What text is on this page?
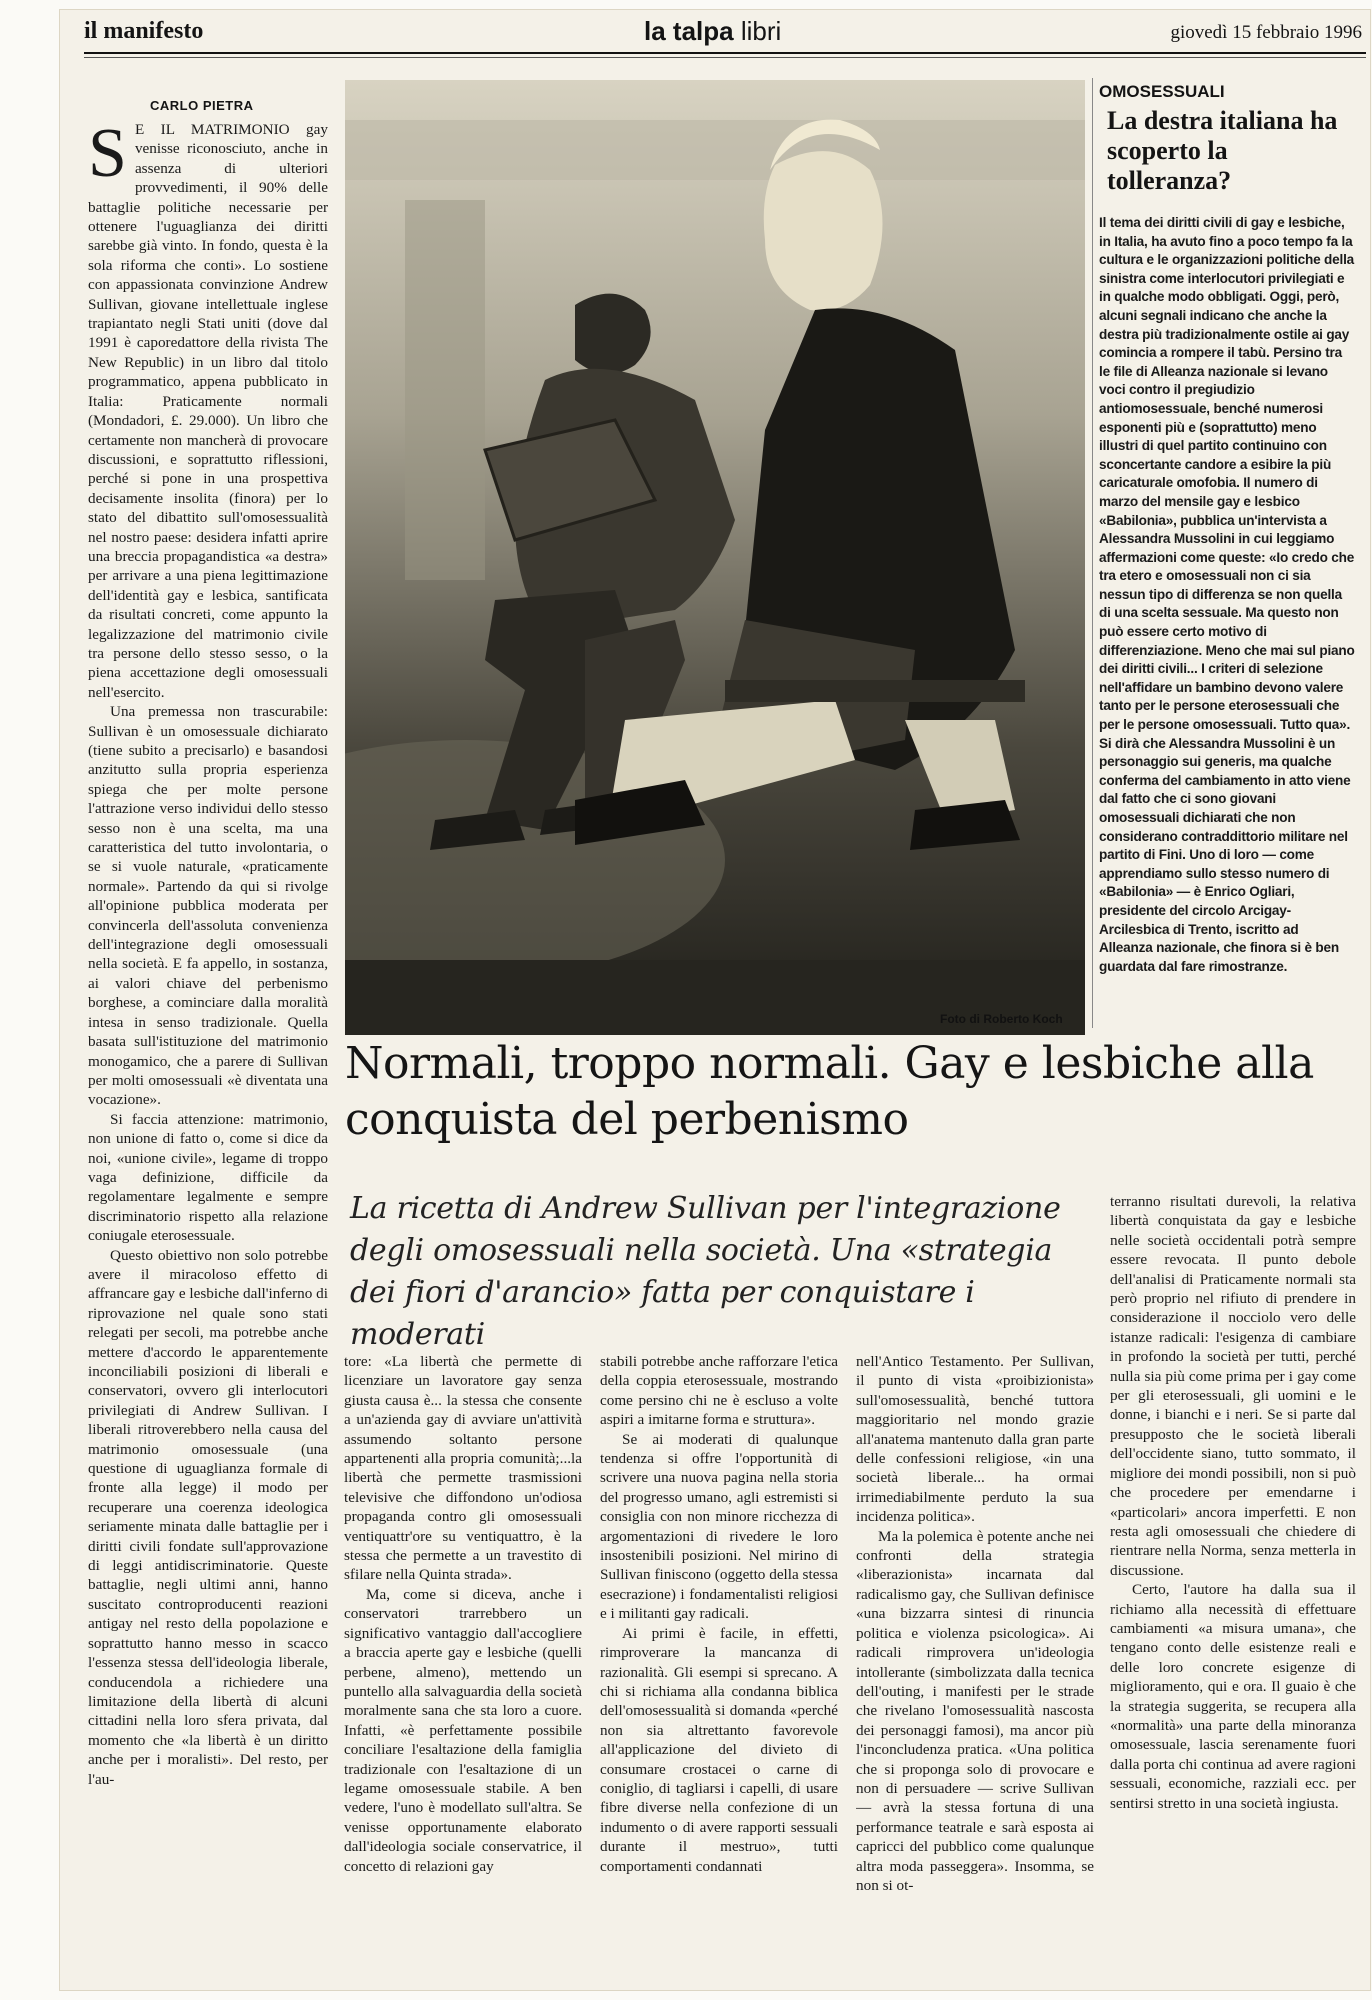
il manifesto	la talpa libri	giovedì 15 febbraio 1996
CARLO PIETRA

S E IL MATRIMONIO gay venisse riconosciuto, anche in assenza di ulteriori provvedimenti, il 90% delle battaglie politiche necessarie per ottenere l'uguaglianza dei diritti sarebbe già vinto. In fondo, questa è la sola riforma che conti». Lo sostiene con appassionata convinzione Andrew Sullivan, giovane intellettuale inglese trapiantato negli Stati uniti (dove dal 1991 è caporedattore della rivista The New Republic) in un libro dal titolo programmatico, appena pubblicato in Italia: Praticamente normali (Mondadori, £. 29.000). Un libro che certamente non mancherà di provocare discussioni, e soprattutto riflessioni, perché si pone in una prospettiva decisamente insolita (finora) per lo stato del dibattito sull'omosessualità nel nostro paese: desidera infatti aprire una breccia propagandistica «a destra» per arrivare a una piena legittimazione dell'identità gay e lesbica, santificata da risultati concreti, come appunto la legalizzazione del matrimonio civile tra persone dello stesso sesso, o la piena accettazione degli omosessuali nell'esercito.

Una premessa non trascurabile: Sullivan è un omosessuale dichiarato (tiene subito a precisarlo) e basandosi anzitutto sulla propria esperienza spiega che per molte persone l'attrazione verso individui dello stesso sesso non è una scelta, ma una caratteristica del tutto involontaria, o se si vuole naturale, «praticamente normale». Partendo da qui si rivolge all'opinione pubblica moderata per convincerla dell'assoluta convenienza dell'integrazione degli omosessuali nella società. E fa appello, in sostanza, ai valori chiave del perbenismo borghese, a cominciare dalla moralità intesa in senso tradizionale. Quella basata sull'istituzione del matrimonio monogamico, che a parere di Sullivan per molti omosessuali «è diventata una vocazione».

Si faccia attenzione: matrimonio, non unione di fatto o, come si dice da noi, «unione civile», legame di troppo vaga definizione, difficile da regolamentare legalmente e sempre discriminatorio rispetto alla relazione coniugale eterosessuale.

Questo obiettivo non solo potrebbe avere il miracoloso effetto di affrancare gay e lesbiche dall'inferno di riprovazione nel quale sono stati relegati per secoli, ma potrebbe anche mettere d'accordo le apparentemente inconciliabili posizioni di liberali e conservatori, ovvero gli interlocutori privilegiati di Andrew Sullivan. I liberali ritroverebbero nella causa del matrimonio omosessuale (una questione di uguaglianza formale di fronte alla legge) il modo per recuperare una coerenza ideologica seriamente minata dalle battaglie per i diritti civili fondate sull'approvazione di leggi antidiscriminatorie. Queste battaglie, negli ultimi anni, hanno suscitato controproducenti reazioni antigay nel resto della popolazione e soprattutto hanno messo in scacco l'essenza stessa dell'ideologia liberale, conducendola a richiedere una limitazione della libertà di alcuni cittadini nella loro sfera privata, dal momento che «la libertà è un diritto anche per i moralisti». Del resto, per l'au-

Foto di Roberto Koch
OMOSESSUALI
La destra italiana ha scoperto la tolleranza?
Il tema dei diritti civili di gay e lesbiche, in Italia, ha avuto fino a poco tempo fa la cultura e le organizzazioni politiche della sinistra come interlocutori privilegiati e in qualche modo obbligati. Oggi, però, alcuni segnali indicano che anche la destra più tradizionalmente ostile ai gay comincia a rompere il tabù. Persino tra le file di Alleanza nazionale si levano voci contro il pregiudizio antiomosessuale, benché numerosi esponenti più e (soprattutto) meno illustri di quel partito continuino con sconcertante candore a esibire la più caricaturale omofobia. Il numero di marzo del mensile gay e lesbico «Babilonia», pubblica un'intervista a Alessandra Mussolini in cui leggiamo affermazioni come queste: «Io credo che tra etero e omosessuali non ci sia nessun tipo di differenza se non quella di una scelta sessuale. Ma questo non può essere certo motivo di differenziazione. Meno che mai sul piano dei diritti civili... I criteri di selezione nell'affidare un bambino devono valere tanto per le persone eterosessuali che per le persone omosessuali. Tutto qua». Si dirà che Alessandra Mussolini è un personaggio sui generis, ma qualche conferma del cambiamento in atto viene dal fatto che ci sono giovani omosessuali dichiarati che non considerano contraddittorio militare nel partito di Fini. Uno di loro — come apprendiamo sullo stesso numero di «Babilonia» — è Enrico Ogliari, presidente del circolo Arcigay-Arcilesbica di Trento, iscritto ad Alleanza nazionale, che finora si è ben guardata dal fare rimostranze.
Normali, troppo normali. Gay e lesbiche alla conquista del perbenismo
La ricetta di Andrew Sullivan per l'integrazione degli omosessuali nella società. Una «strategia dei fiori d'arancio» fatta per conquistare i moderati

tore: «La libertà che permette di licenziare un lavoratore gay senza giusta causa è... la stessa che consente a un'azienda gay di avviare un'attività assumendo soltanto persone appartenenti alla propria comunità;...la libertà che permette trasmissioni televisive che diffondono un'odiosa propaganda contro gli omosessuali ventiquattr'ore su ventiquattro, è la stessa che permette a un travestito di sfilare nella Quinta strada».

Ma, come si diceva, anche i conservatori trarrebbero un significativo vantaggio dall'accogliere a braccia aperte gay e lesbiche (quelli perbene, almeno), mettendo un puntello alla salvaguardia della società moralmente sana che sta loro a cuore. Infatti, «è perfettamente possibile conciliare l'esaltazione della famiglia tradizionale con l'esaltazione di un legame omosessuale stabile. A ben vedere, l'uno è modellato sull'altra. Se venisse opportunamente elaborato dall'ideologia sociale conservatrice, il concetto di relazioni gay

stabili potrebbe anche rafforzare l'etica della coppia eterosessuale, mostrando come persino chi ne è escluso a volte aspiri a imitarne forma e struttura».

Se ai moderati di qualunque tendenza si offre l'opportunità di scrivere una nuova pagina nella storia del progresso umano, agli estremisti si consiglia con non minore ricchezza di argomentazioni di rivedere le loro insostenibili posizioni. Nel mirino di Sullivan finiscono (oggetto della stessa esecrazione) i fondamentalisti religiosi e i militanti gay radicali.

Ai primi è facile, in effetti, rimproverare la mancanza di razionalità. Gli esempi si sprecano. A chi si richiama alla condanna biblica dell'omosessualità si domanda «perché non sia altrettanto favorevole all'applicazione del divieto di consumare crostacei o carne di coniglio, di tagliarsi i capelli, di usare fibre diverse nella confezione di un indumento o di avere rapporti sessuali durante il mestruo», tutti comportamenti condannati

nell'Antico Testamento. Per Sullivan, il punto di vista «proibizionista» sull'omosessualità, benché tuttora maggioritario nel mondo grazie all'anatema mantenuto dalla gran parte delle confessioni religiose, «in una società liberale... ha ormai irrimediabilmente perduto la sua incidenza politica».

Ma la polemica è potente anche nei confronti della strategia «liberazionista» incarnata dal radicalismo gay, che Sullivan definisce «una bizzarra sintesi di rinuncia politica e violenza psicologica». Ai radicali rimprovera un'ideologia intollerante (simbolizzata dalla tecnica dell'outing, i manifesti per le strade che rivelano l'omosessualità nascosta dei personaggi famosi), ma ancor più l'inconcludenza pratica. «Una politica che si proponga solo di provocare e non di persuadere — scrive Sullivan — avrà la stessa fortuna di una performance teatrale e sarà esposta ai capricci del pubblico come qualunque altra moda passeggera». Insomma, se non si ot-

terranno risultati durevoli, la relativa libertà conquistata da gay e lesbiche nelle società occidentali potrà sempre essere revocata. Il punto debole dell'analisi di Praticamente normali sta però proprio nel rifiuto di prendere in considerazione il nocciolo vero delle istanze radicali: l'esigenza di cambiare in profondo la società per tutti, perché nulla sia più come prima per i gay come per gli eterosessuali, gli uomini e le donne, i bianchi e i neri. Se si parte dal presupposto che le società liberali dell'occidente siano, tutto sommato, il migliore dei mondi possibili, non si può che procedere per emendarne i «particolari» ancora imperfetti. E non resta agli omosessuali che chiedere di rientrare nella Norma, senza metterla in discussione.

Certo, l'autore ha dalla sua il richiamo alla necessità di effettuare cambiamenti «a misura umana», che tengano conto delle esistenze reali e delle loro concrete esigenze di miglioramento, qui e ora. Il guaio è che la strategia suggerita, se recupera alla «normalità» una parte della minoranza omosessuale, lascia serenamente fuori dalla porta chi continua ad avere ragioni sessuali, economiche, razziali ecc. per sentirsi stretto in una società ingiusta.
